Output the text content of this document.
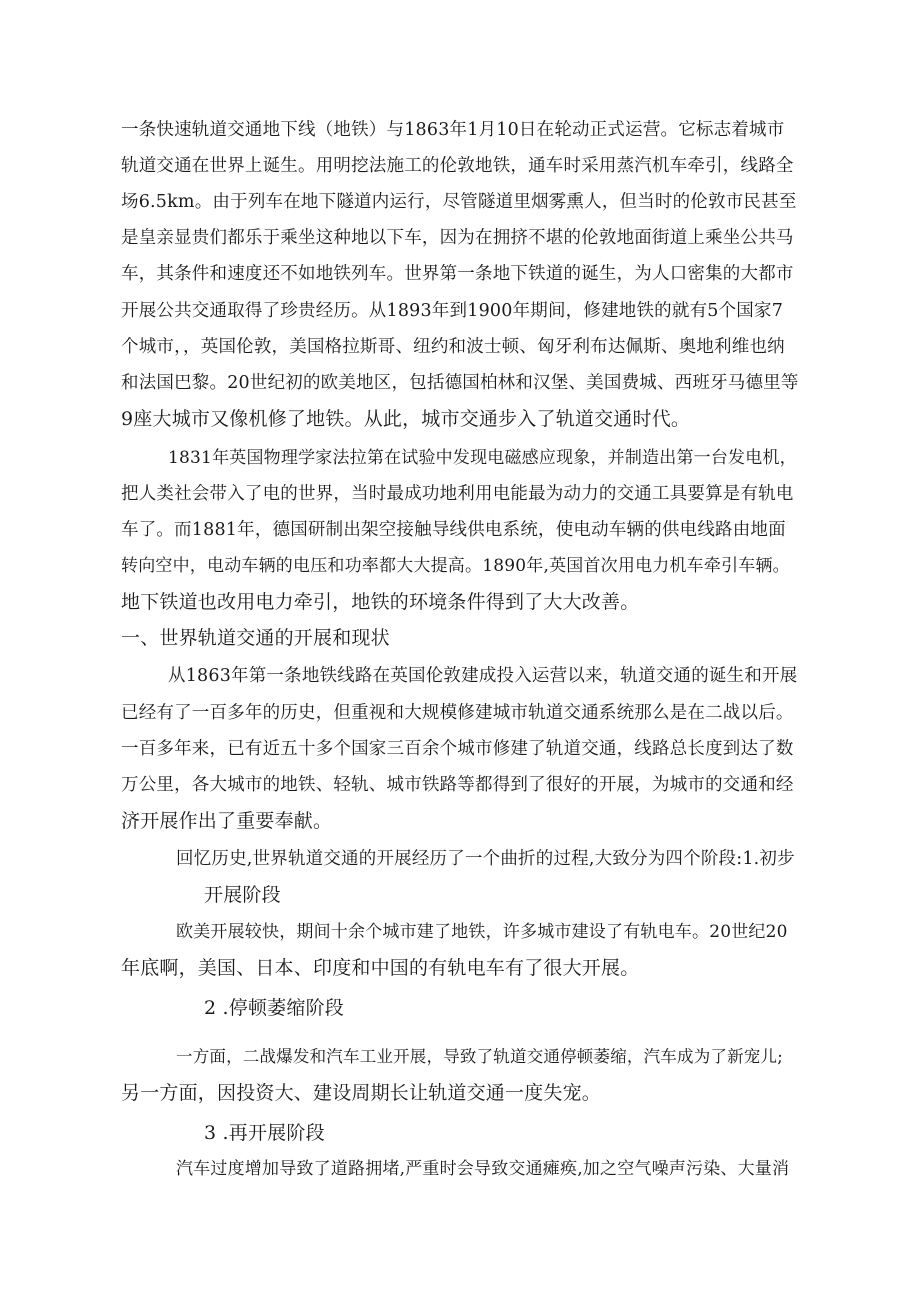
一条快速轨道交通地下线（地铁）与1863年1月10日在轮动正式运营。它标志着城市
轨道交通在世界上诞生。用明挖法施工的伦敦地铁，通车时采用蒸汽机车牵引，线路全
场6.5km。由于列车在地下隧道内运行，尽管隧道里烟雾熏人，但当时的伦敦市民甚至
是皇亲显贵们都乐于乘坐这种地以下车，因为在拥挤不堪的伦敦地面街道上乘坐公共马
车，其条件和速度还不如地铁列车。世界第一条地下铁道的诞生，为人口密集的大都市
开展公共交通取得了珍贵经历。从1893年到1900年期间，修建地铁的就有5个国家7
个城市，，英国伦敦，美国格拉斯哥、纽约和波士顿、匈牙利布达佩斯、奥地利维也纳
和法国巴黎。20世纪初的欧美地区，包括德国柏林和汉堡、美国费城、西班牙马德里等
9座大城市又像机修了地铁。从此，城市交通步入了轨道交通时代。
1831年英国物理学家法拉第在试验中发现电磁感应现象，并制造出第一台发电机，
把人类社会带入了电的世界，当时最成功地利用电能最为动力的交通工具要算是有轨电
车了。而1881年，德国研制出架空接触导线供电系统，使电动车辆的供电线路由地面
转向空中，电动车辆的电压和功率都大大提高。1890年,英国首次用电力机车牵引车辆。
地下铁道也改用电力牵引，地铁的环境条件得到了大大改善。
一、世界轨道交通的开展和现状
从1863年第一条地铁线路在英国伦敦建成投入运营以来，轨道交通的诞生和开展
已经有了一百多年的历史，但重视和大规模修建城市轨道交通系统那么是在二战以后。
一百多年来，已有近五十多个国家三百余个城市修建了轨道交通，线路总长度到达了数
万公里，各大城市的地铁、轻轨、城市铁路等都得到了很好的开展，为城市的交通和经
济开展作出了重要奉献。
回忆历史,世界轨道交通的开展经历了一个曲折的过程,大致分为四个阶段:1.初步
开展阶段
欧美开展较快，期间十余个城市建了地铁，许多城市建设了有轨电车。20世纪20
年底啊，美国、日本、印度和中国的有轨电车有了很大开展。
2 .停顿萎缩阶段
一方面，二战爆发和汽车工业开展，导致了轨道交通停顿萎缩，汽车成为了新宠儿;
另一方面，因投资大、建设周期长让轨道交通一度失宠。
3 .再开展阶段
汽车过度增加导致了道路拥堵,严重时会导致交通瘫痪,加之空气噪声污染、大量消
